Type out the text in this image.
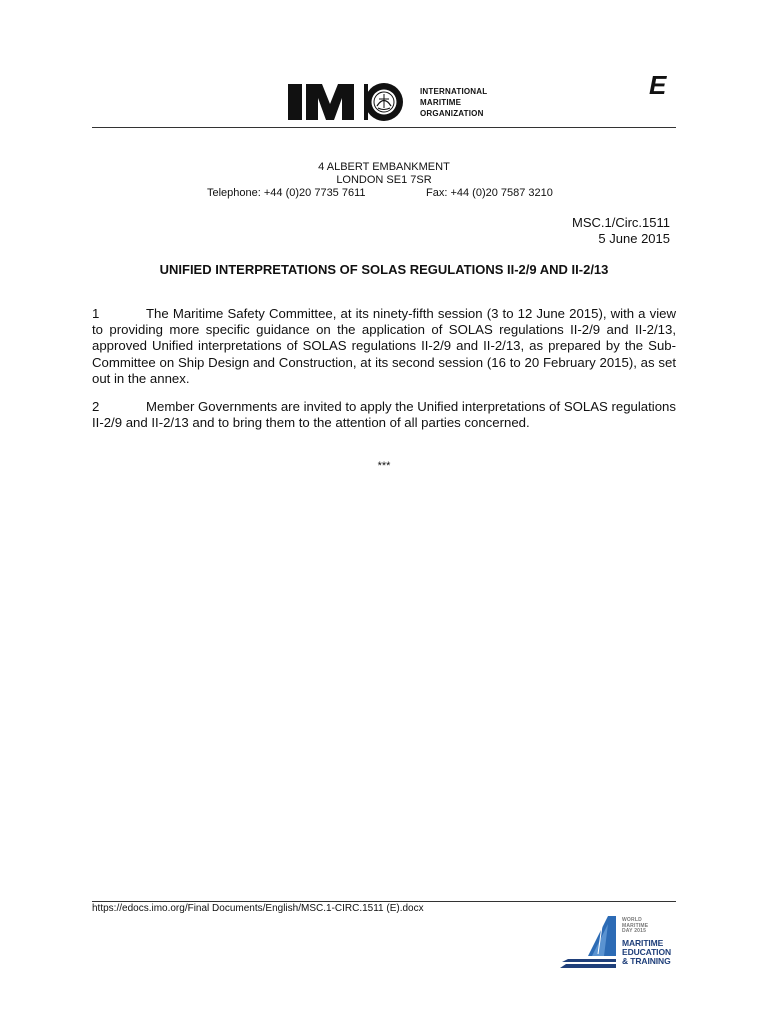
INTERNATIONAL
MARITIME
ORGANIZATION
E
4 ALBERT EMBANKMENT
LONDON SE1 7SR
Telephone: +44 (0)20 7735 7611	Fax: +44 (0)20 7587 3210
MSC.1/Circ.1511
5 June 2015
UNIFIED INTERPRETATIONS OF SOLAS REGULATIONS II-2/9 AND II-2/13
1	The Maritime Safety Committee, at its ninety-fifth session (3 to 12 June 2015), with a view to providing more specific guidance on the application of SOLAS regulations II-2/9 and II-2/13, approved Unified interpretations of SOLAS regulations II-2/9 and II-2/13, as prepared by the Sub-Committee on Ship Design and Construction, at its second session (16 to 20 February 2015), as set out in the annex.
2	Member Governments are invited to apply the Unified interpretations of SOLAS regulations II-2/9 and II-2/13 and to bring them to the attention of all parties concerned.
***
https://edocs.imo.org/Final Documents/English/MSC.1-CIRC.1511 (E).docx
WORLD
MARITIME
DAY 2015
MARITIME
EDUCATION
& TRAINING
